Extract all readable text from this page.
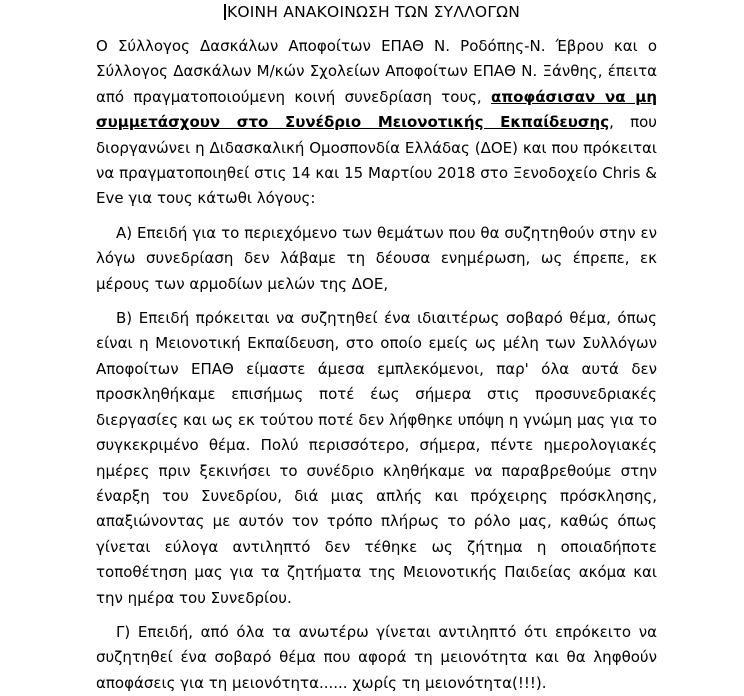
ΚΟΙΝΗ ΑΝΑΚΟΙΝΩΣΗ ΤΩΝ ΣΥΛΛΟΓΩΝ

Ο Σύλλογος Δασκάλων Αποφοίτων ΕΠΑΘ Ν. Ροδόπης-Ν. Έβρου και ο Σύλλογος Δασκάλων Μ/κών Σχολείων Αποφοίτων ΕΠΑΘ Ν. Ξάνθης, έπειτα από πραγματοποιούμενη κοινή συνεδρίαση τους, αποφάσισαν να μη συμμετάσχουν στο Συνέδριο Μειονοτικής Εκπαίδευσης, που διοργανώνει η Διδασκαλική Ομοσπονδία Ελλάδας (ΔΟΕ) και που πρόκειται να πραγματοποιηθεί στις 14 και 15 Μαρτίου 2018 στο Ξενοδοχείο Chris & Eve για τους κάτωθι λόγους:

Α) Επειδή για το περιεχόμενο των θεμάτων που θα συζητηθούν στην εν λόγω συνεδρίαση δεν λάβαμε τη δέουσα ενημέρωση, ως έπρεπε, εκ μέρους των αρμοδίων μελών της ΔΟΕ,

Β) Επειδή πρόκειται να συζητηθεί ένα ιδιαιτέρως σοβαρό θέμα, όπως είναι η Μειονοτική Εκπαίδευση, στο οποίο εμείς ως μέλη των Συλλόγων Αποφοίτων ΕΠΑΘ είμαστε άμεσα εμπλεκόμενοι, παρ' όλα αυτά δεν προσκληθήκαμε επισήμως ποτέ έως σήμερα στις προσυνεδριακές διεργασίες και ως εκ τούτου ποτέ δεν λήφθηκε υπόψη η γνώμη μας για το συγκεκριμένο θέμα. Πολύ περισσότερο, σήμερα, πέντε ημερολογιακές ημέρες πριν ξεκινήσει το συνέδριο κληθήκαμε να παραβρεθούμε στην έναρξη του Συνεδρίου, διά μιας απλής και πρόχειρης πρόσκλησης, απαξιώνοντας με αυτόν τον τρόπο πλήρως το ρόλο μας, καθώς όπως γίνεται εύλογα αντιληπτό δεν τέθηκε ως ζήτημα η οποιαδήποτε τοποθέτηση μας για τα ζητήματα της Μειονοτικής Παιδείας ακόμα και την ημέρα του Συνεδρίου.

Γ) Επειδή, από όλα τα ανωτέρω γίνεται αντιληπτό ότι επρόκειτο να συζητηθεί ένα σοβαρό θέμα που αφορά τη μειονότητα και θα ληφθούν αποφάσεις για τη μειονότητα...... χωρίς τη μειονότητα(!!!).
